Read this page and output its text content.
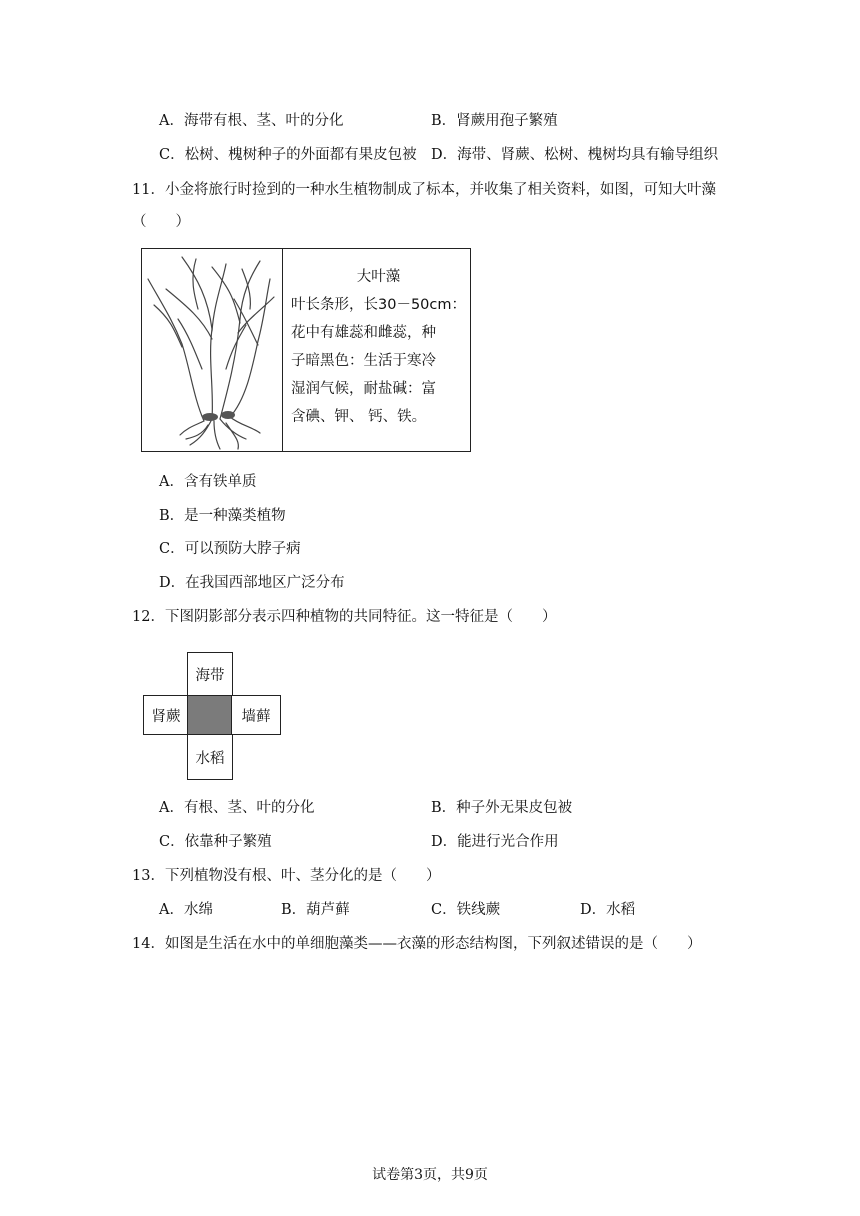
A．海带有根、茎、叶的分化	B．肾蕨用孢子繁殖
C．松树、槐树种子的外面都有果皮包被 D．海带、肾蕨、松树、槐树均具有输导组织
11．小金将旅行时捡到的一种水生植物制成了标本，并收集了相关资料，如图，可知大叶藻
（　　）
大叶藻
叶长条形，长30－50cm：
花中有雄蕊和雌蕊，种
子暗黑色：生活于寒冷
湿润气候，耐盐碱：富
含碘、钾、 钙、铁。
A．含有铁单质
B．是一种藻类植物
C．可以预防大脖子病
D．在我国西部地区广泛分布
12．下图阴影部分表示四种植物的共同特征。这一特征是（　　）
海带
肾蕨	墙藓
水稻
A．有根、茎、叶的分化	B．种子外无果皮包被
C．依靠种子繁殖	D．能进行光合作用
13．下列植物没有根、叶、茎分化的是（　　）
A．水绵	B．葫芦藓	C．铁线蕨	D．水稻
14．如图是生活在水中的单细胞藻类——衣藻的形态结构图，下列叙述错误的是（　　）
试卷第3页，共9页
